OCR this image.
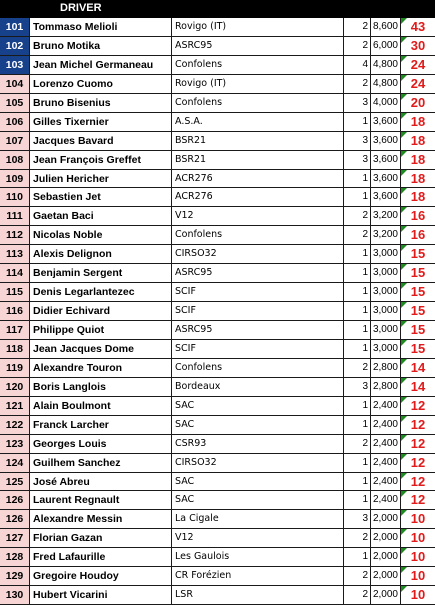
DRIVER
101 Tommaso Melioli	Rovigo (IT)	2 8,600 43
102 Bruno Motika	ASRC95	2 6,000 30
103 Jean Michel Germaneau	Confolens	4 4,800 24
104 Lorenzo Cuomo	Rovigo (IT)	2 4,800 24
105 Bruno Bisenius	Confolens	3 4,000 20
106 Gilles Tixernier	A.S.A.	1 3,600 18
107 Jacques Bavard	BSR21	3 3,600 18
108 Jean François Greffet	BSR21	3 3,600 18
109 Julien Hericher	ACR276	1 3,600 18
110 Sebastien Jet	ACR276	1 3,600 18
111 Gaetan Baci	V12	2 3,200 16
112 Nicolas Noble	Confolens	2 3,200 16
113 Alexis Delignon	CIRSO32	1 3,000 15
114 Benjamin Sergent	ASRC95	1 3,000 15
115 Denis Legarlantezec	SCIF	1 3,000 15
116 Didier Echivard	SCIF	1 3,000 15
117 Philippe Quiot	ASRC95	1 3,000 15
118 Jean Jacques Dome	SCIF	1 3,000 15
119 Alexandre Touron	Confolens	2 2,800 14
120 Boris Langlois	Bordeaux	3 2,800 14
121 Alain Boulmont	SAC	1 2,400 12
122 Franck Larcher	SAC	1 2,400 12
123 Georges Louis	CSR93	2 2,400 12
124 Guilhem Sanchez	CIRSO32	1 2,400 12
125 José Abreu	SAC	1 2,400 12
126 Laurent Regnault	SAC	1 2,400 12
126 Alexandre Messin	La Cigale	3 2,000 10
127 Florian Gazan	V12	2 2,000 10
128 Fred Lafaurille	Les Gaulois	1 2,000 10
129 Gregoire Houdoy	CR Forézien	2 2,000 10
130 Hubert Vicarini	LSR	2 2,000 10
